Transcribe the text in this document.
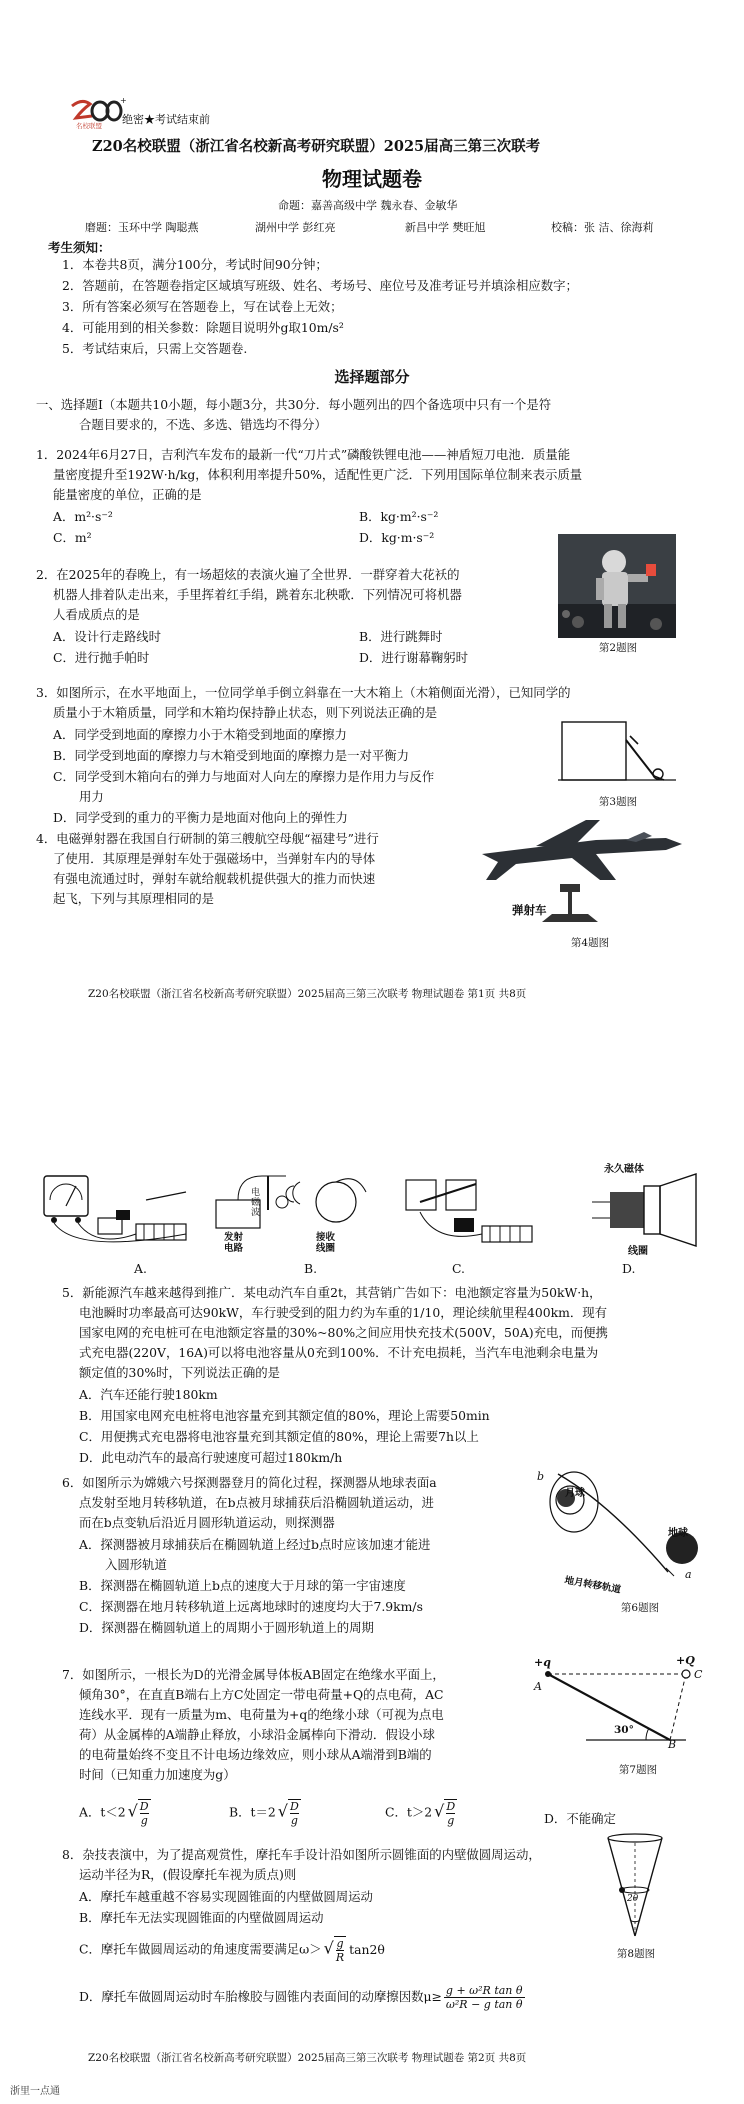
+
名校联盟 绝密★考试结束前
Z20名校联盟（浙江省名校新高考研究联盟）2025届高三第三次联考
物理试题卷
命题：嘉善高级中学 魏永春、金敏华
磨题：玉环中学 陶聪燕	湖州中学 彭红亮	新昌中学 樊旺旭	校稿：张 洁、徐海莉
考生须知：
1．本卷共8页，满分100分，考试时间90分钟；
2．答题前，在答题卷指定区域填写班级、姓名、考场号、座位号及准考证号并填涂相应数字；
3．所有答案必须写在答题卷上，写在试卷上无效；
4．可能用到的相关参数：除题目说明外g取10m/s²
5．考试结束后，只需上交答题卷.
选择题部分
一、选择题Ⅰ（本题共10小题，每小题3分，共30分．每小题列出的四个备选项中只有一个是符
合题目要求的，不选、多选、错选均不得分）
1．2024年6月27日，吉利汽车发布的最新一代“刀片式”磷酸铁锂电池——神盾短刀电池．质量能
量密度提升至192W·h/kg，体积利用率提升50%，适配性更广泛．下列用国际单位制来表示质量
能量密度的单位，正确的是
A．m²·s⁻²	B．kg·m²·s⁻²
C．m²	D．kg·m·s⁻²
2．在2025年的春晚上，有一场超炫的表演火遍了全世界．一群穿着大花袄的
机器人排着队走出来，手里挥着红手绢，跳着东北秧歌．下列情况可将机器
人看成质点的是
A．设计行走路线时	B．进行跳舞时
C．进行抛手帕时	D．进行谢幕鞠躬时
第2题图
3．如图所示，在水平地面上，一位同学单手倒立斜靠在一大木箱上（木箱侧面光滑），已知同学的
质量小于木箱质量，同学和木箱均保持静止状态，则下列说法正确的是
A．同学受到地面的摩擦力小于木箱受到地面的摩擦力
B．同学受到地面的摩擦力与木箱受到地面的摩擦力是一对平衡力
C．同学受到木箱向右的弹力与地面对人向左的摩擦力是作用力与反作
用力
D．同学受到的重力的平衡力是地面对他向上的弹性力
第3题图
4．电磁弹射器在我国自行研制的第三艘航空母舰“福建号”进行
了使用．其原理是弹射车处于强磁场中，当弹射车内的导体
有强电流通过时，弹射车就给舰载机提供强大的推力而快速
起飞，下列与其原理相同的是
弹射车
第4题图
Z20名校联盟（浙江省名校新高考研究联盟）2025届高三第三次联考 物理试题卷 第1页 共8页
电
磁
波
发射
电路
接收
线圈
永久磁体
线圈
A.	B.	C.	D.
5．新能源汽车越来越得到推广．某电动汽车自重2t，其营销广告如下：电池额定容量为50kW·h，
电池瞬时功率最高可达90kW，车行驶受到的阻力约为车重的1/10，理论续航里程400km．现有
国家电网的充电桩可在电池额定容量的30%~80%之间应用快充技术(500V，50A)充电，而便携
式充电器(220V，16A)可以将电池容量从0充到100%．不计充电损耗，当汽车电池剩余电量为
额定值的30%时，下列说法正确的是
A．汽车还能行驶180km
B．用国家电网充电桩将电池容量充到其额定值的80%，理论上需要50min
C．用便携式充电器将电池容量充到其额定值的80%，理论上需要7h以上
D．此电动汽车的最高行驶速度可超过180km/h
6．如图所示为嫦娥六号探测器登月的简化过程，探测器从地球表面a
点发射至地月转移轨道，在b点被月球捕获后沿椭圆轨道运动，进
而在b点变轨后沿近月圆形轨道运动，则探测器
A．探测器被月球捕获后在椭圆轨道上经过b点时应该加速才能进
入圆形轨道
B．探测器在椭圆轨道上b点的速度大于月球的第一宇宙速度
C．探测器在地月转移轨道上远离地球时的速度均大于7.9km/s
D．探测器在椭圆轨道上的周期小于圆形轨道上的周期
b
月球
地球
a
地月转移轨道
第6题图
7．如图所示，一根长为D的光滑金属导体板AB固定在绝缘水平面上，
倾角30°，在直直B端右上方C处固定一带电荷量+Q的点电荷，AC
连线水平．现有一质量为m、电荷量为+q的绝缘小球（可视为点电
荷）从金属棒的A端静止释放，小球沿金属棒向下滑动．假设小球
的电荷量始终不变且不计电场边缘效应，则小球从A端滑到B端的
时间（已知重力加速度为g）
+q	+Q
A
C
B
30°
第7题图
A．t＜2 √ $\frac{D}{g}$	B．t＝2 √ $\frac{D}{g}$	C．t＞2 √ $\frac{D}{g}$	D．不能确定
8．杂技表演中，为了提高观赏性，摩托车手设计沿如图所示圆锥面的内壁做圆周运动，
运动半径为R，(假设摩托车视为质点)则
A．摩托车越重越不容易实现圆锥面的内壁做圆周运动
B．摩托车无法实现圆锥面的内壁做圆周运动
C．摩托车做圆周运动的角速度需要满足ω＞ √ $\frac{g}{R} \tan 2\theta$
D．摩托车做圆周运动时车胎橡胶与圆锥内表面间的动摩擦因数$\mu\ge \frac{\text{g + ω²R tan θ}}{\text{ω²R − g tan θ}}$
2θ
第8题图
Z20名校联盟（浙江省名校新高考研究联盟）2025届高三第三次联考 物理试题卷 第2页 共8页
浙里一点通
